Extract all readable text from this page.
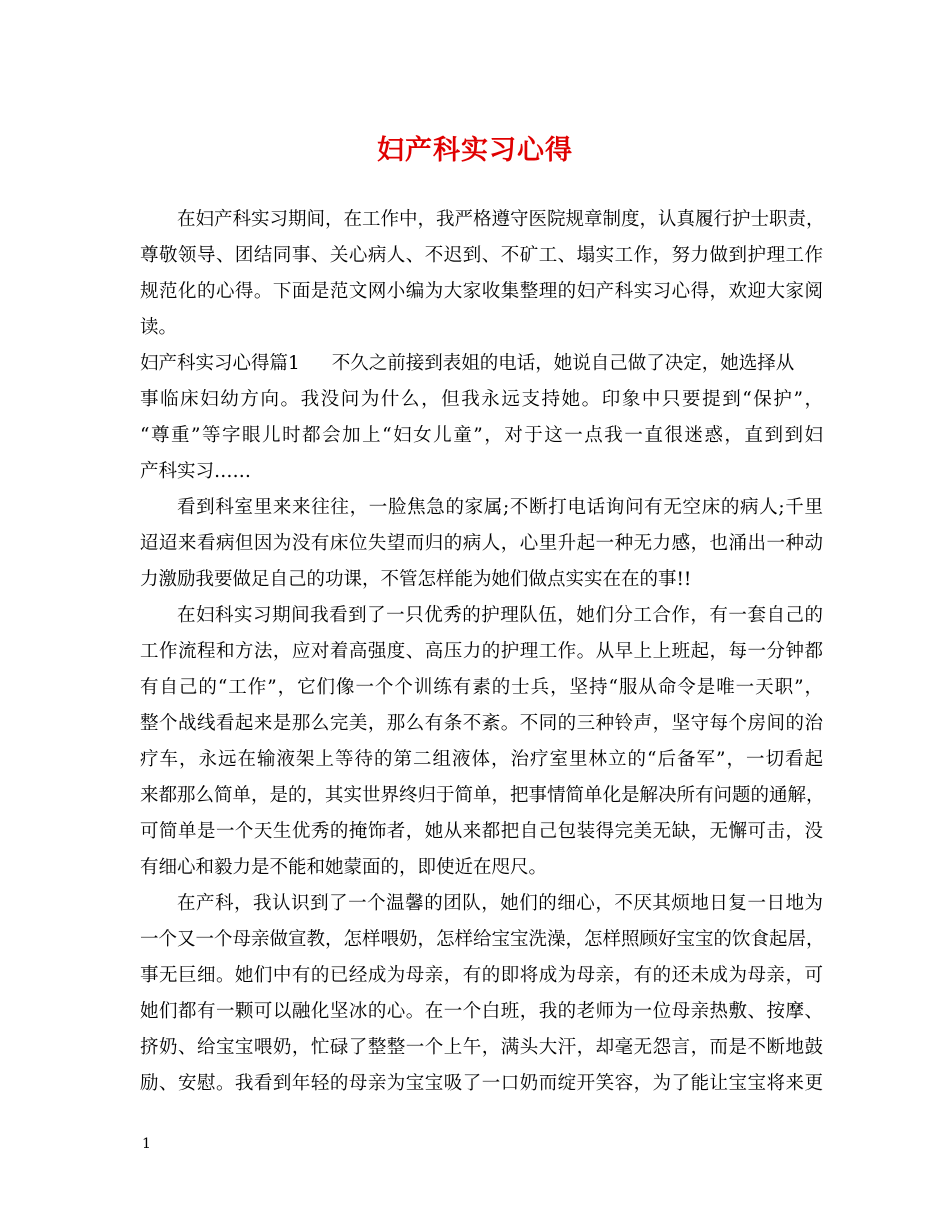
妇产科实习心得

在妇产科实习期间，在工作中，我严格遵守医院规章制度，认真履行护士职责，

尊敬领导、团结同事、关心病人、不迟到、不矿工、塌实工作，努力做到护理工作

规范化的心得。下面是范文网小编为大家收集整理的妇产科实习心得，欢迎大家阅

读。

妇产科实习心得篇1 不久之前接到表姐的电话，她说自己做了决定，她选择从

事临床妇幼方向。我没问为什么，但我永远支持她。印象中只要提到“保护”，

“尊重”等字眼儿时都会加上“妇女儿童”，对于这一点我一直很迷惑，直到到妇

产科实习……

看到科室里来来往往，一脸焦急的家属;不断打电话询问有无空床的病人;千里

迢迢来看病但因为没有床位失望而归的病人，心里升起一种无力感，也涌出一种动

力激励我要做足自己的功课，不管怎样能为她们做点实实在在的事!!

在妇科实习期间我看到了一只优秀的护理队伍，她们分工合作，有一套自己的

工作流程和方法，应对着高强度、高压力的护理工作。从早上上班起，每一分钟都

有自己的“工作”，它们像一个个训练有素的士兵，坚持“服从命令是唯一天职”，

整个战线看起来是那么完美，那么有条不紊。不同的三种铃声，坚守每个房间的治

疗车，永远在输液架上等待的第二组液体，治疗室里林立的“后备军”，一切看起

来都那么简单，是的，其实世界终归于简单，把事情简单化是解决所有问题的通解，

可简单是一个天生优秀的掩饰者，她从来都把自己包装得完美无缺，无懈可击，没

有细心和毅力是不能和她蒙面的，即使近在咫尺。

在产科，我认识到了一个温馨的团队，她们的细心，不厌其烦地日复一日地为

一个又一个母亲做宣教，怎样喂奶，怎样给宝宝洗澡，怎样照顾好宝宝的饮食起居，

事无巨细。她们中有的已经成为母亲，有的即将成为母亲，有的还未成为母亲，可

她们都有一颗可以融化坚冰的心。在一个白班，我的老师为一位母亲热敷、按摩、

挤奶、给宝宝喂奶，忙碌了整整一个上午，满头大汗，却毫无怨言，而是不断地鼓

励、安慰。我看到年轻的母亲为宝宝吸了一口奶而绽开笑容，为了能让宝宝将来更

1
